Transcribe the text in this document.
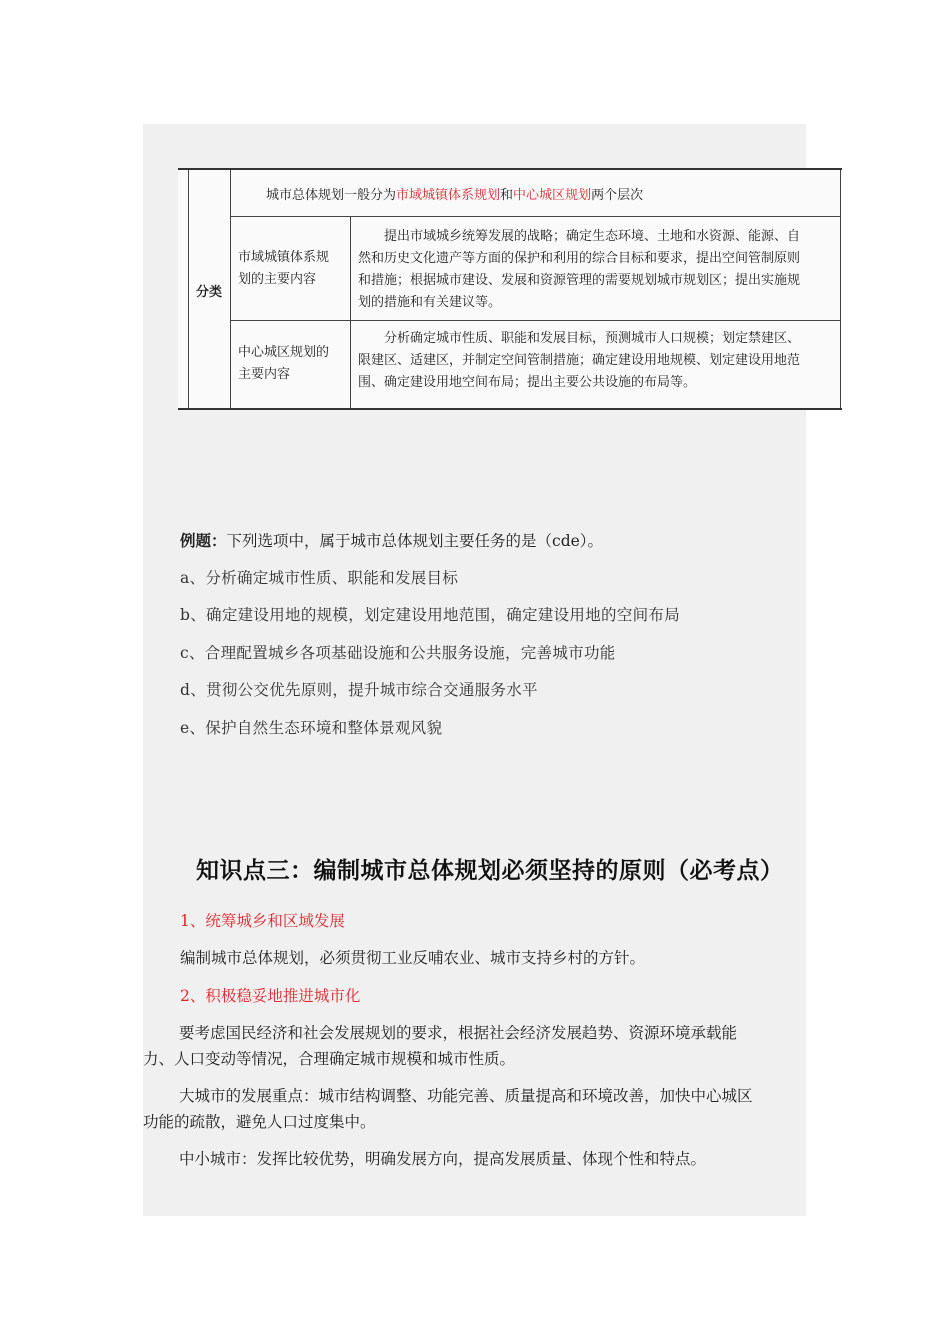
城市总体规划一般分为市域城镇体系规划和中心城区规划两个层次
分类
市域城镇体系规
划的主要内容
提出市域城乡统筹发展的战略；确定生态环境、土地和水资源、能源、自
然和历史文化遗产等方面的保护和利用的综合目标和要求，提出空间管制原则
和措施；根据城市建设、发展和资源管理的需要规划城市规划区；提出实施规
划的措施和有关建议等。
中心城区规划的
主要内容
分析确定城市性质、职能和发展目标，预测城市人口规模；划定禁建区、
限建区、适建区，并制定空间管制措施；确定建设用地规模、划定建设用地范
围、确定建设用地空间布局；提出主要公共设施的布局等。
例题：下列选项中，属于城市总体规划主要任务的是（cde）。
a、分析确定城市性质、职能和发展目标
b、确定建设用地的规模，划定建设用地范围，确定建设用地的空间布局
c、合理配置城乡各项基础设施和公共服务设施，完善城市功能
d、贯彻公交优先原则，提升城市综合交通服务水平
e、保护自然生态环境和整体景观风貌
知识点三：编制城市总体规划必须坚持的原则（必考点）
1、统筹城乡和区域发展
编制城市总体规划，必须贯彻工业反哺农业、城市支持乡村的方针。
2、积极稳妥地推进城市化
要考虑国民经济和社会发展规划的要求，根据社会经济发展趋势、资源环境承载能
力、人口变动等情况，合理确定城市规模和城市性质。
大城市的发展重点：城市结构调整、功能完善、质量提高和环境改善，加快中心城区
功能的疏散，避免人口过度集中。
中小城市：发挥比较优势，明确发展方向，提高发展质量、体现个性和特点。
